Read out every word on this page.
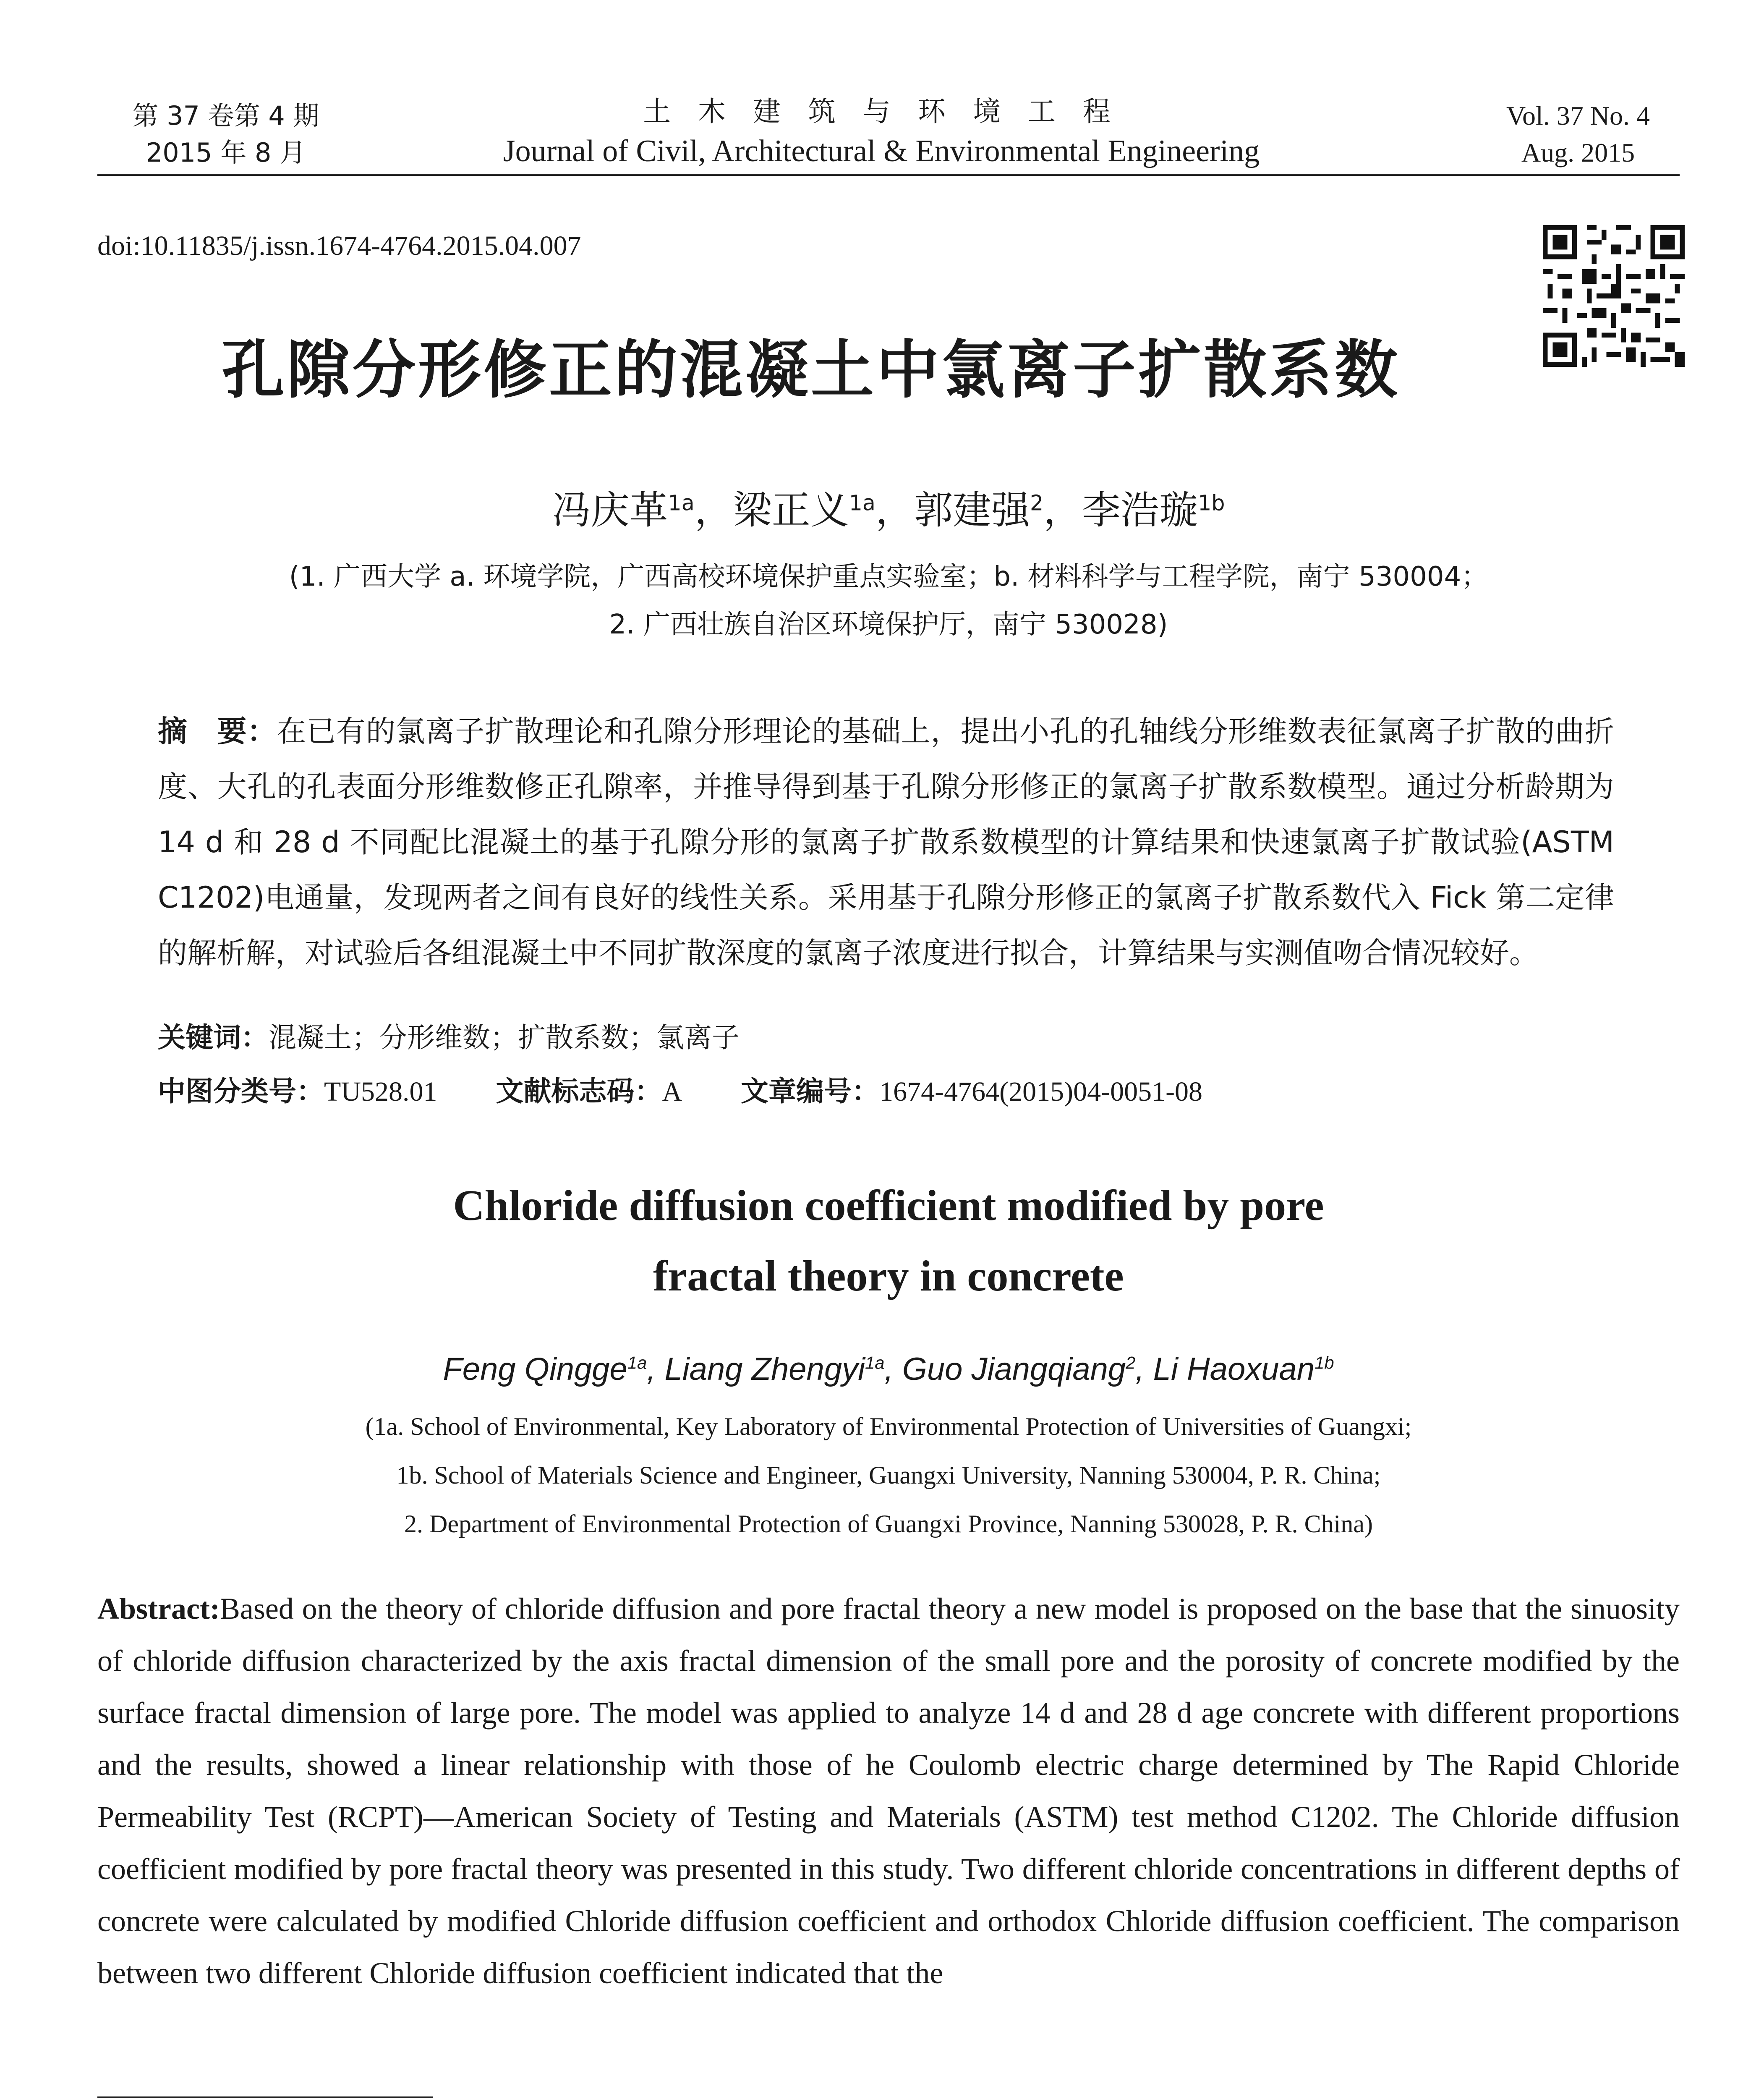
第 37 卷第 4 期
2015 年 8 月
土 木 建 筑 与 环 境 工 程
Journal of Civil, Architectural & Environmental Engineering
Vol. 37 No. 4
Aug. 2015
doi:10.11835/j.issn.1674-4764.2015.04.007
孔隙分形修正的混凝土中氯离子扩散系数
冯庆革$^{1a}$，梁正义$^{1a}$，郭建强$^2$，李浩璇$^{1b}$
(1. 广西大学 a. 环境学院，广西高校环境保护重点实验室；b. 材料科学与工程学院，南宁 530004；
2. 广西壮族自治区环境保护厅，南宁 530028)
摘　要：在已有的氯离子扩散理论和孔隙分形理论的基础上，提出小孔的孔轴线分形维数表征氯离子扩散的曲折度、大孔的孔表面分形维数修正孔隙率，并推导得到基于孔隙分形修正的氯离子扩散系数模型。通过分析龄期为 14 d 和 28 d 不同配比混凝土的基于孔隙分形的氯离子扩散系数模型的计算结果和快速氯离子扩散试验(ASTM C1202)电通量，发现两者之间有良好的线性关系。采用基于孔隙分形修正的氯离子扩散系数代入 Fick 第二定律的解析解，对试验后各组混凝土中不同扩散深度的氯离子浓度进行拟合，计算结果与实测值吻合情况较好。
关键词：混凝土；分形维数；扩散系数；氯离子
中图分类号：TU528.01 文献标志码：A 文章编号：1674-4764(2015)04-0051-08
Chloride diffusion coefficient modified by pore
fractal theory in concrete
Feng Qingge$^{1a}$, Liang Zhengyi$^{1a}$, Guo Jiangqiang$^2$, Li Haoxuan$^{1b}$
(1a. School of Environmental, Key Laboratory of Environmental Protection of Universities of Guangxi;
1b. School of Materials Science and Engineer, Guangxi University, Nanning 530004, P. R. China;
2. Department of Environmental Protection of Guangxi Province, Nanning 530028, P. R. China)
Abstract:Based on the theory of chloride diffusion and pore fractal theory a new model is proposed on the base that the sinuosity of chloride diffusion characterized by the axis fractal dimension of the small pore and the porosity of concrete modified by the surface fractal dimension of large pore. The model was applied to analyze 14 d and 28 d age concrete with different proportions and the results, showed a linear relationship with those of he Coulomb electric charge determined by The Rapid Chloride Permeability Test (RCPT)—American Society of Testing and Materials (ASTM) test method C1202. The Chloride diffusion coefficient modified by pore fractal theory was presented in this study. Two different chloride concentrations in different depths of concrete were calculated by modified Chloride diffusion coefficient and orthodox Chloride diffusion coefficient. The comparison between two different Chloride diffusion coefficient indicated that the
